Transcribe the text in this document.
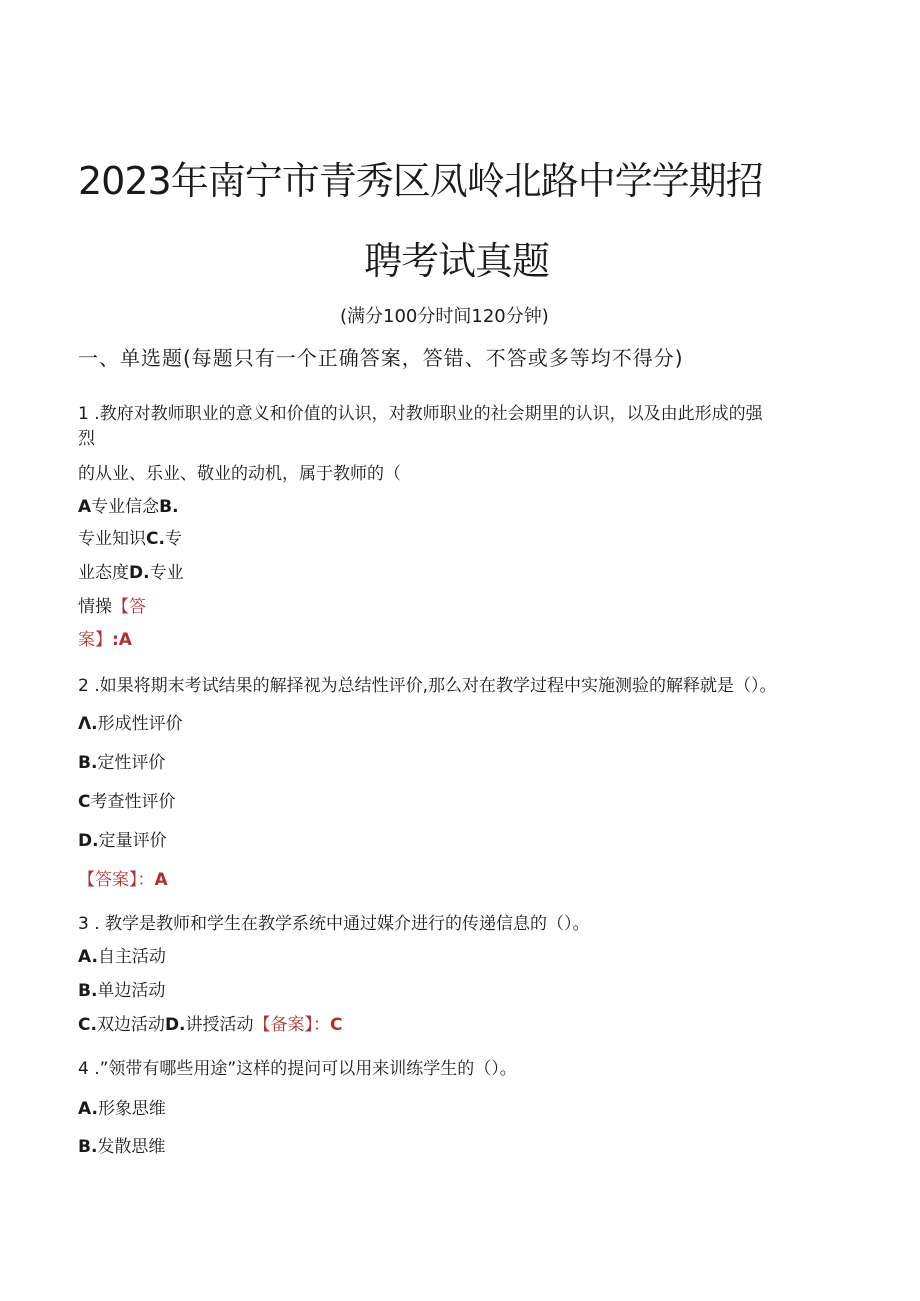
2023年南宁市青秀区凤岭北路中学学期招
聘考试真题
(满分100分时间120分钟)
一、单选题(每题只有一个正确答案，答错、不答或多等均不得分)
1 .教府对教师职业的意义和价值的认识，对教师职业的社会期里的认识，以及由此形成的强
烈
的从业、乐业、敬业的动机，属于教师的（
A专业信念B.
专业知识C.专
业态度D.专业
情操【答
案】:A
2 .如果将期末考试结果的解择视为总结性评价,那么对在教学过程中实施测验的解释就是（）。
Λ.形成性评价
B.定性评价
C考查性评价
D.定量评价
【答案】：A
3 . 教学是教师和学生在教学系统中通过媒介进行的传递信息的（）。
A.自主活动
B.单边活动
C.双边活动D.讲授活动【备案】：C
4 .”领带有哪些用途”这样的提问可以用来训练学生的（）。
A.形象思维
B.发散思维
